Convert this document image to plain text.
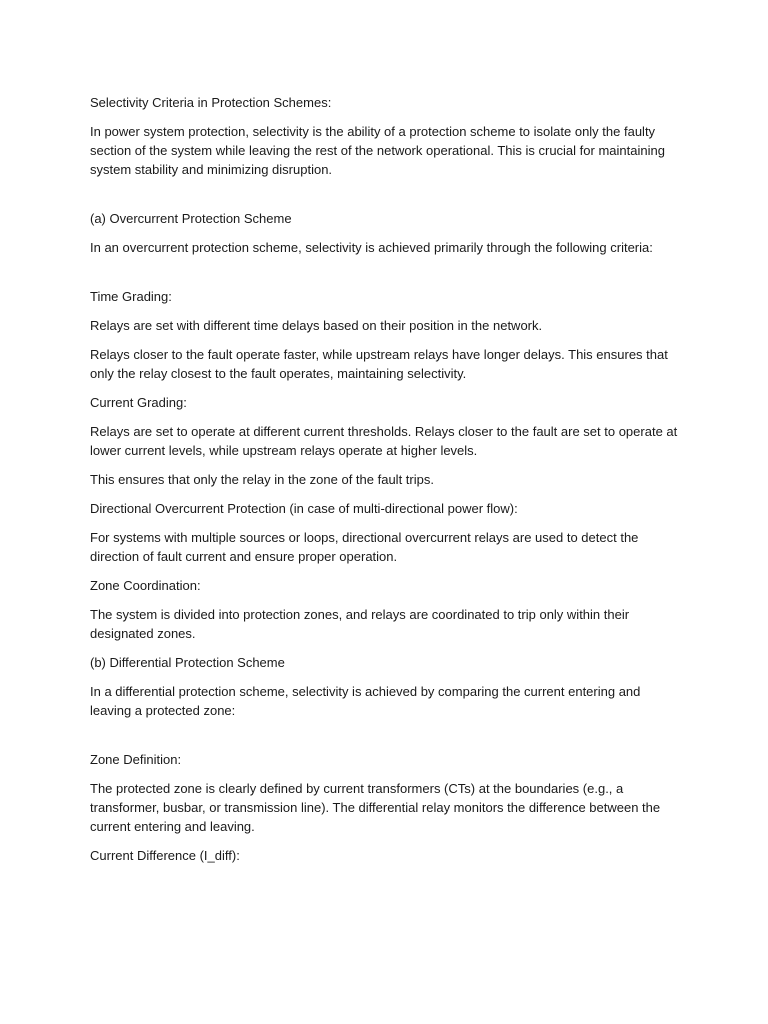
Selectivity Criteria in Protection Schemes:

In power system protection, selectivity is the ability of a protection scheme to isolate only the faulty section of the system while leaving the rest of the network operational. This is crucial for maintaining system stability and minimizing disruption.

(a) Overcurrent Protection Scheme

In an overcurrent protection scheme, selectivity is achieved primarily through the following criteria:

Time Grading:

Relays are set with different time delays based on their position in the network.

Relays closer to the fault operate faster, while upstream relays have longer delays. This ensures that only the relay closest to the fault operates, maintaining selectivity.

Current Grading:

Relays are set to operate at different current thresholds. Relays closer to the fault are set to operate at lower current levels, while upstream relays operate at higher levels.

This ensures that only the relay in the zone of the fault trips.

Directional Overcurrent Protection (in case of multi-directional power flow):

For systems with multiple sources or loops, directional overcurrent relays are used to detect the direction of fault current and ensure proper operation.

Zone Coordination:

The system is divided into protection zones, and relays are coordinated to trip only within their designated zones.

(b) Differential Protection Scheme

In a differential protection scheme, selectivity is achieved by comparing the current entering and leaving a protected zone:

Zone Definition:

The protected zone is clearly defined by current transformers (CTs) at the boundaries (e.g., a transformer, busbar, or transmission line). The differential relay monitors the difference between the current entering and leaving.

Current Difference (I_diff):
